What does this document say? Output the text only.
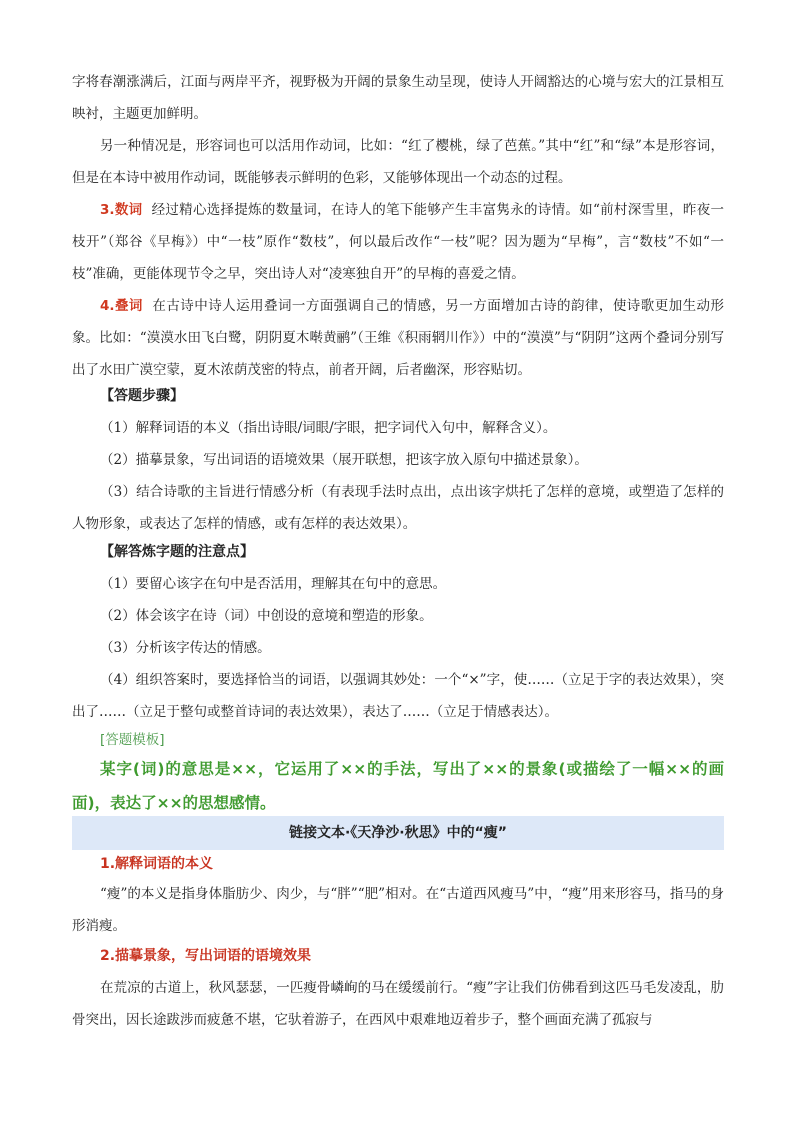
字将春潮涨满后，江面与两岸平齐，视野极为开阔的景象生动呈现，使诗人开阔豁达的心境与宏大的江景相互映衬，主题更加鲜明。

另一种情况是，形容词也可以活用作动词，比如：“红了樱桃，绿了芭蕉。”其中“红”和“绿”本是形容词，但是在本诗中被用作动词，既能够表示鲜明的色彩，又能够体现出一个动态的过程。

3.数词 经过精心选择提炼的数量词，在诗人的笔下能够产生丰富隽永的诗情。如“前村深雪里，昨夜一枝开”（郑谷《早梅》）中“一枝”原作“数枝”，何以最后改作“一枝”呢？因为题为“早梅”，言“数枝”不如“一枝”准确，更能体现节令之早，突出诗人对“凌寒独自开”的早梅的喜爱之情。

4.叠词 在古诗中诗人运用叠词一方面强调自己的情感，另一方面增加古诗的韵律，使诗歌更加生动形象。比如：“漠漠水田飞白鹭，阴阴夏木啭黄鹂”（王维《积雨辋川作》）中的“漠漠”与“阴阴”这两个叠词分别写出了水田广漠空蒙，夏木浓荫茂密的特点，前者开阔，后者幽深，形容贴切。

【答题步骤】

（1）解释词语的本义（指出诗眼/词眼/字眼，把字词代入句中，解释含义）。

（2）描摹景象，写出词语的语境效果（展开联想，把该字放入原句中描述景象）。

（3）结合诗歌的主旨进行情感分析（有表现手法时点出，点出该字烘托了怎样的意境，或塑造了怎样的人物形象，或表达了怎样的情感，或有怎样的表达效果）。

【解答炼字题的注意点】

（1）要留心该字在句中是否活用，理解其在句中的意思。

（2）体会该字在诗（词）中创设的意境和塑造的形象。

（3）分析该字传达的情感。

（4）组织答案时，要选择恰当的词语，以强调其妙处：一个“×”字，使……（立足于字的表达效果），突出了……（立足于整句或整首诗词的表达效果），表达了……（立足于情感表达）。

[答题模板]

某字(词)的意思是××，它运用了××的手法，写出了××的景象(或描绘了一幅××的画面)，表达了××的思想感情。

链接文本·《天净沙·秋思》中的“瘦”
1.解释词语的本义

“瘦”的本义是指身体脂肪少、肉少，与“胖”“肥”相对。在“古道西风瘦马”中，“瘦”用来形容马，指马的身形消瘦。

2.描摹景象，写出词语的语境效果

在荒凉的古道上，秋风瑟瑟，一匹瘦骨嶙峋的马在缓缓前行。“瘦”字让我们仿佛看到这匹马毛发凌乱，肋骨突出，因长途跋涉而疲惫不堪，它驮着游子，在西风中艰难地迈着步子，整个画面充满了孤寂与
